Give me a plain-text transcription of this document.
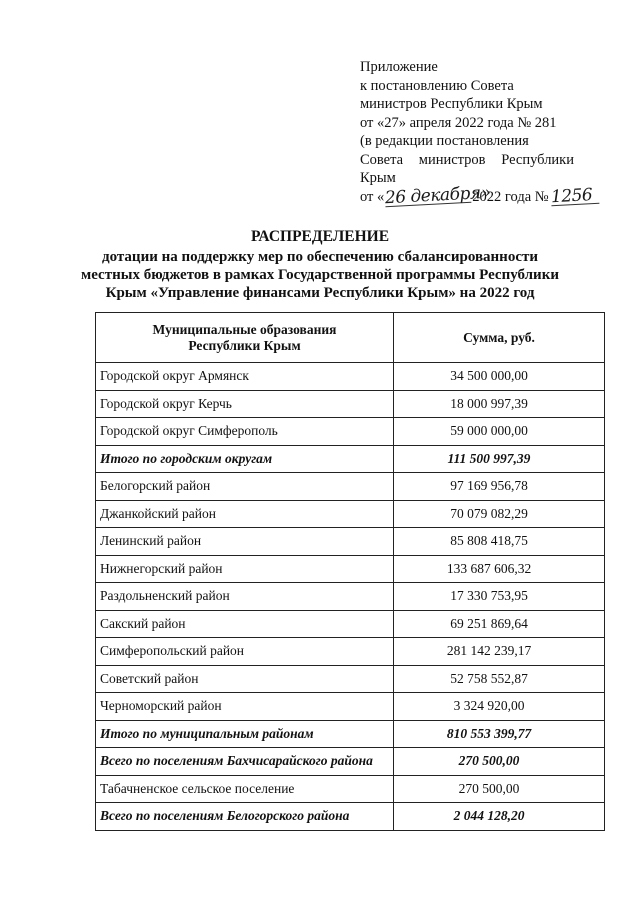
Приложение
к постановлению Совета
министров Республики Крым
от «27» апреля 2022 года № 281
(в редакции постановления
Совета министров Республики
Крым
от «26 декабря»2022 года №1256
РАСПРЕДЕЛЕНИЕ
дотации на поддержку мер по обеспечению сбалансированности
местных бюджетов в рамках Государственной программы Республики
Крым «Управление финансами Республики Крым» на 2022 год
Муниципальные образования
Республики Крым	Сумма, руб.
Городской округ Армянск	34 500 000,00
Городской округ Керчь	18 000 997,39
Городской округ Симферополь	59 000 000,00
Итого по городским округам	111 500 997,39
Белогорский район	97 169 956,78
Джанкойский район	70 079 082,29
Ленинский район	85 808 418,75
Нижнегорский район	133 687 606,32
Раздольненский район	17 330 753,95
Сакский район	69 251 869,64
Симферопольский район	281 142 239,17
Советский район	52 758 552,87
Черноморский район	3 324 920,00
Итого по муниципальным районам	810 553 399,77
Всего по поселениям Бахчисарайского района	270 500,00
Табачненское сельское поселение	270 500,00
Всего по поселениям Белогорского района	2 044 128,20
